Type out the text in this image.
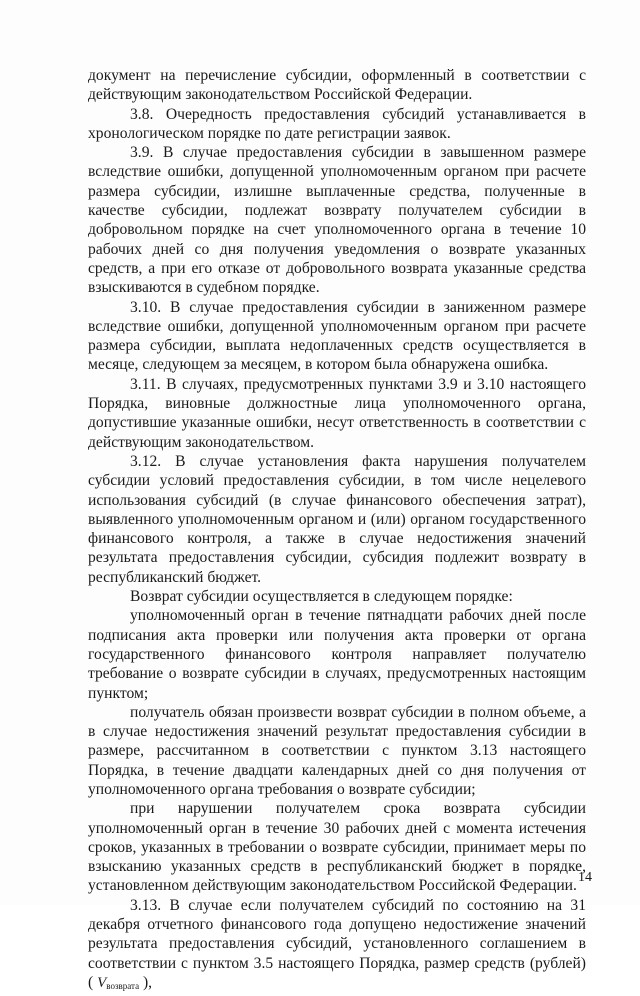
документ на перечисление субсидии, оформленный в соответствии с действующим законодательством Российской Федерации.

3.8. Очередность предоставления субсидий устанавливается в хронологическом порядке по дате регистрации заявок.

3.9. В случае предоставления субсидии в завышенном размере вследствие ошибки, допущенной уполномоченным органом при расчете размера субсидии, излишне выплаченные средства, полученные в качестве субсидии, подлежат возврату получателем субсидии в добровольном порядке на счет уполномоченного органа в течение 10 рабочих дней со дня получения уведомления о возврате указанных средств, а при его отказе от добровольного возврата указанные средства взыскиваются в судебном порядке.

3.10. В случае предоставления субсидии в заниженном размере вследствие ошибки, допущенной уполномоченным органом при расчете размера субсидии, выплата недоплаченных средств осуществляется в месяце, следующем за месяцем, в котором была обнаружена ошибка.

3.11. В случаях, предусмотренных пунктами 3.9 и 3.10 настоящего Порядка, виновные должностные лица уполномоченного органа, допустившие указанные ошибки, несут ответственность в соответствии с действующим законодательством.

3.12. В случае установления факта нарушения получателем субсидии условий предоставления субсидии, в том числе нецелевого использования субсидий (в случае финансового обеспечения затрат), выявленного уполномоченным органом и (или) органом государственного финансового контроля, а также в случае недостижения значений результата предоставления субсидии, субсидия подлежит возврату в республиканский бюджет.

Возврат субсидии осуществляется в следующем порядке:

уполномоченный орган в течение пятнадцати рабочих дней после подписания акта проверки или получения акта проверки от органа государственного финансового контроля направляет получателю требование о возврате субсидии в случаях, предусмотренных настоящим пунктом;

получатель обязан произвести возврат субсидии в полном объеме, а в случае недостижения значений результат предоставления субсидии в размере, рассчитанном в соответствии с пунктом 3.13 настоящего Порядка, в течение двадцати календарных дней со дня получения от уполномоченного органа требования о возврате субсидии;

при нарушении получателем срока возврата субсидии уполномоченный орган в течение 30 рабочих дней с момента истечения сроков, указанных в требовании о возврате субсидии, принимает меры по взысканию указанных средств в республиканский бюджет в порядке, установленном действующим законодательством Российской Федерации.

3.13. В случае если получателем субсидий по состоянию на 31 декабря отчетного финансового года допущено недостижение значений результата предоставления субсидий, установленного соглашением в соответствии с пунктом 3.5 настоящего Порядка, размер средств (рублей) ( $V_{возврата}$ ),

14
